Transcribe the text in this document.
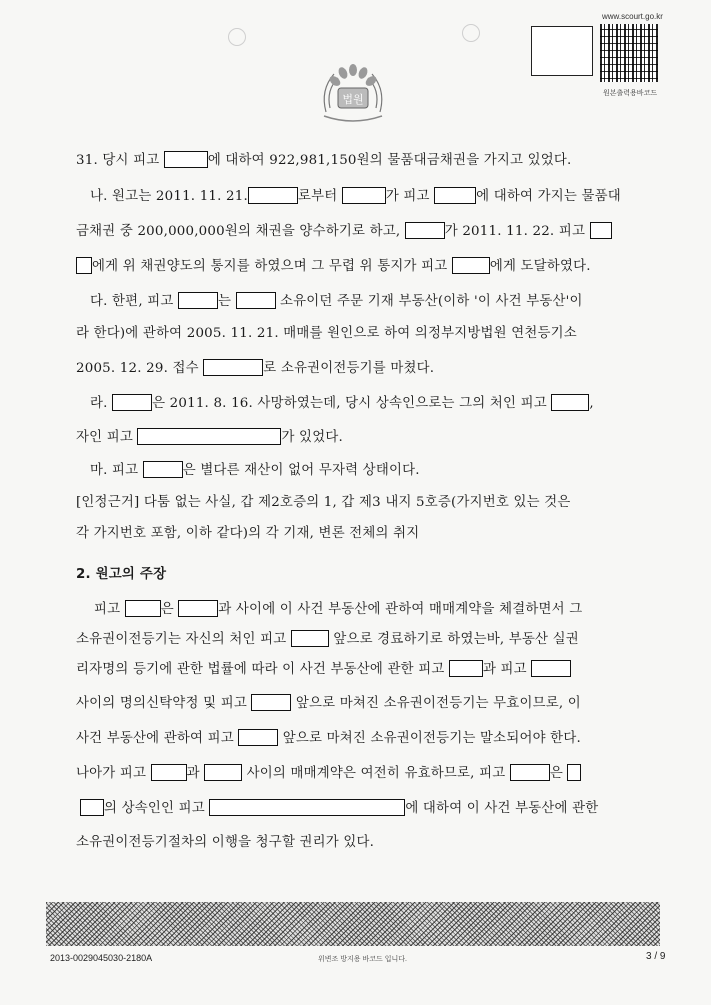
www.scourt.go.kr
원본출력용바코드
법원
31. 당시 피고	에 대하여 922,981,150원의 물품대금채권을 가지고 있었다.
나. 원고는 2011. 11. 21.	로부터	가 피고	에 대하여 가지는 물품대
금채권 중 200,000,000원의 채권을 양수하기로 하고,	가 2011. 11. 22. 피고
에게 위 채권양도의 통지를 하였으며 그 무렵 위 통지가 피고	에게 도달하였다.
다. 한편, 피고	는	소유이던 주문 기재 부동산(이하 '이 사건 부동산'이
라 한다)에 관하여 2005. 11. 21. 매매를 원인으로 하여 의정부지방법원 연천등기소
2005. 12. 29. 접수	로 소유권이전등기를 마쳤다.
라.	은 2011. 8. 16. 사망하였는데, 당시 상속인으로는 그의 처인 피고	,
자인 피고	가 있었다.
마. 피고	은 별다른 재산이 없어 무자력 상태이다.
[인정근거] 다툼 없는 사실, 갑 제2호증의 1, 갑 제3 내지 5호증(가지번호 있는 것은
각 가지번호 포함, 이하 같다)의 각 기재, 변론 전체의 취지
2. 원고의 주장
피고	은	과 사이에 이 사건 부동산에 관하여 매매계약을 체결하면서 그
소유권이전등기는 자신의 처인 피고	앞으로 경료하기로 하였는바, 부동산 실권
리자명의 등기에 관한 법률에 따라 이 사건 부동산에 관한 피고	과 피고
사이의 명의신탁약정 및 피고	앞으로 마쳐진 소유권이전등기는 무효이므로, 이
사건 부동산에 관하여 피고	앞으로 마쳐진 소유권이전등기는 말소되어야 한다.
나아가 피고	과	사이의 매매계약은 여전히 유효하므로, 피고	은
의 상속인인 피고	에 대하여 이 사건 부동산에 관한
소유권이전등기절차의 이행을 청구할 권리가 있다.
2013-0029045030-2180A	위변조 방지용 바코드 입니다.	3 / 9
